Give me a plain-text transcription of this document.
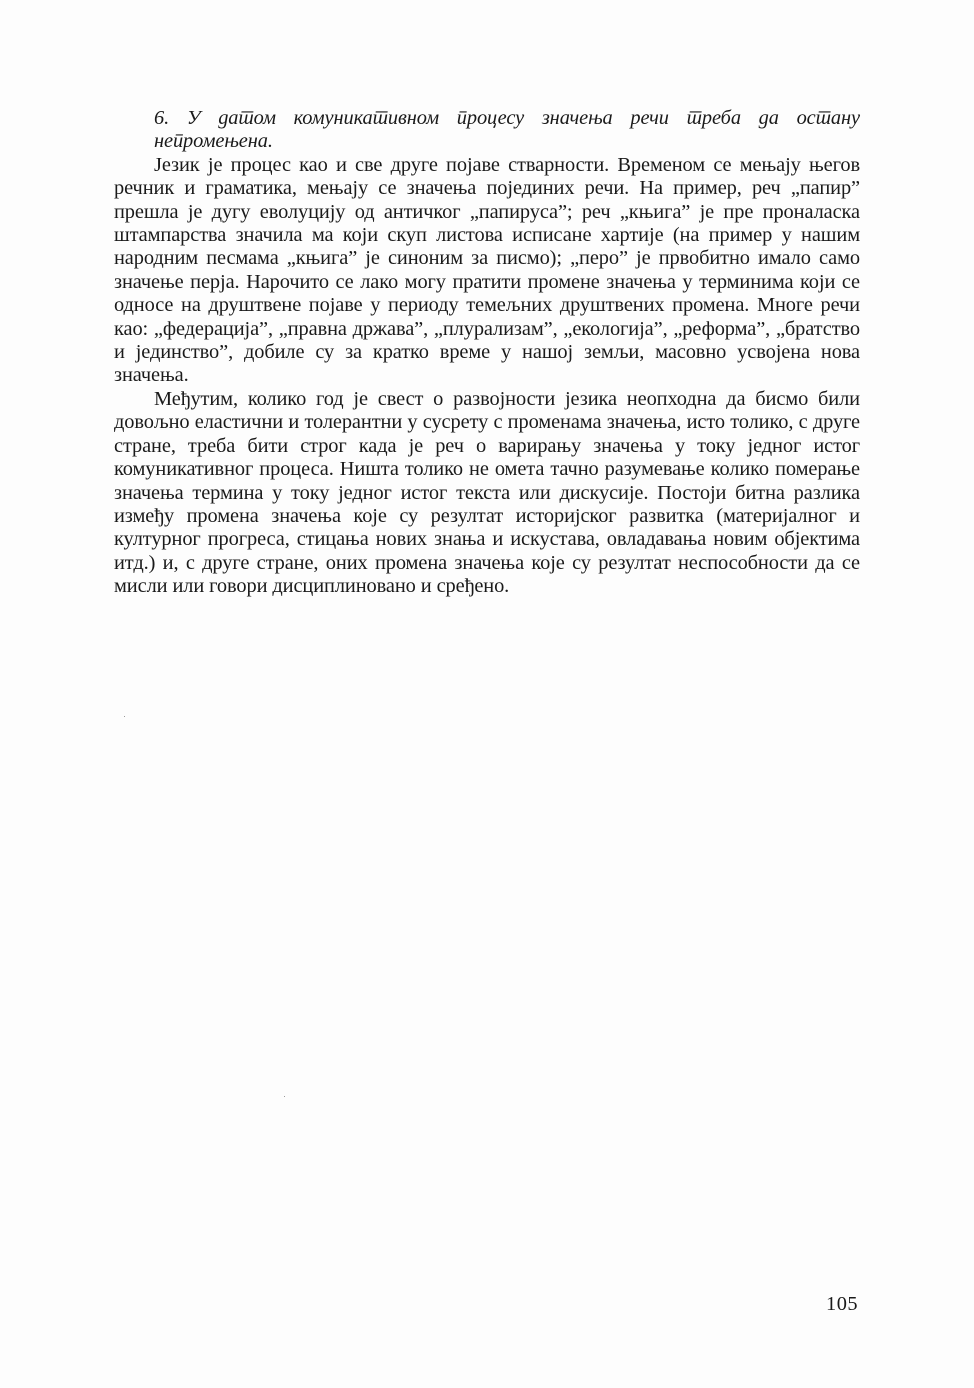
6. У датом комуникативном процесу значења речи треба да остану непромењена.

Језик је процес као и све друге појаве стварности. Временом се мењају његов речник и граматика, мењају се значења појединих речи. На пример, реч „папир” прешла је дугу еволуцију од античког „папируса”; реч „књига” је пре проналаска штампарства значила ма који скуп листова исписане хартије (на пример у нашим народним песмама „књига” је синоним за писмо); „перо” је првобитно имало само значење перја. Нарочито се лако могу пратити промене значења у терминима који се односе на друштвене појаве у периоду темељних друштвених промена. Многе речи као: „федерација”, „правна држава”, „плурализам”, „екологија”, „реформа”, „братство и јединство”, добиле су за кратко време у нашој земљи, масовно усвојена нова значења.

Међутим, колико год је свест о развојности језика неопходна да бисмо били довољно еластични и толерантни у сусрету с променама значења, исто толико, с друге стране, треба бити строг када је реч о варирању значења у току једног истог комуникативног процеса. Ништа толико не омета тачно разумевање колико померање значења термина у току једног истог текста или дискусије. Постоји битна разлика између промена значења које су резултат историјског развитка (материјалног и културног прогреса, стицања нових знања и искустава, овладавања новим објектима итд.) и, с друге стране, оних промена значења које су резултат неспособности да се мисли или говори дисциплиновано и сређено.

105
